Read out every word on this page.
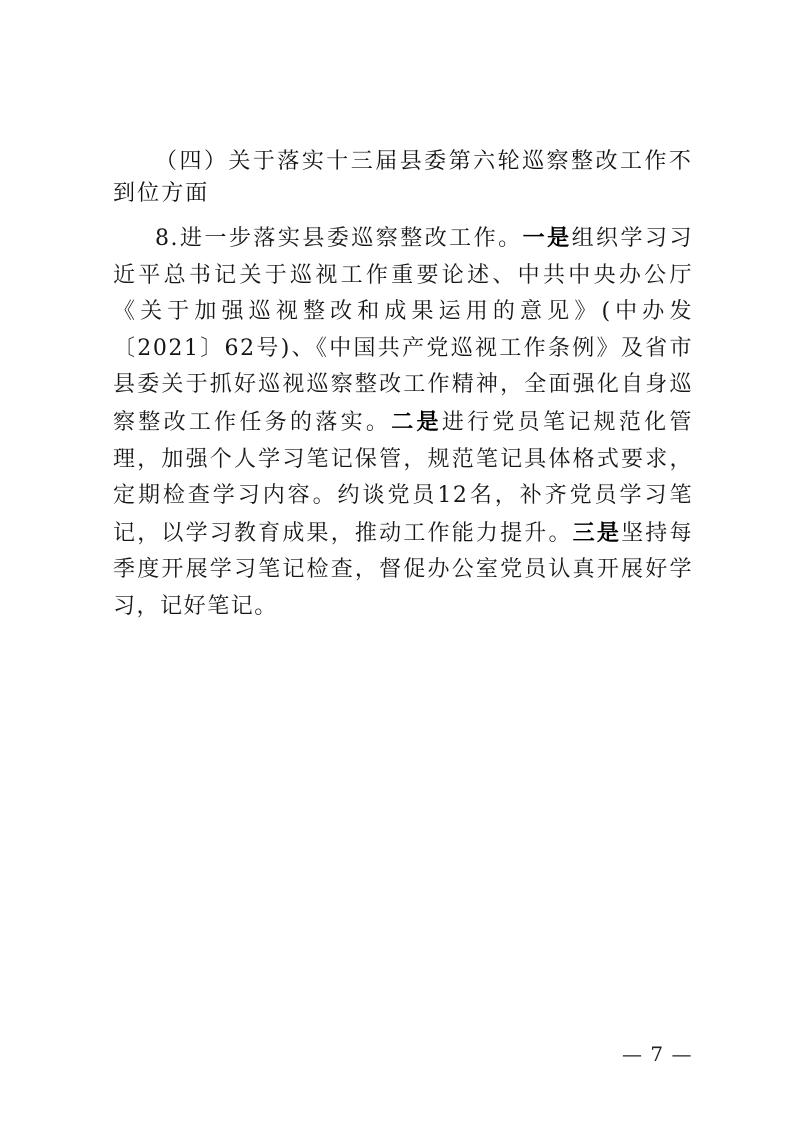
（四）关于落实十三届县委第六轮巡察整改工作不到位方面

8.进一步落实县委巡察整改工作。一是组织学习习近平总书记关于巡视工作重要论述、中共中央办公厅《关于加强巡视整改和成果运用的意见》(中办发〔2021〕62号)、《中国共产党巡视工作条例》及省市县委关于抓好巡视巡察整改工作精神，全面强化自身巡察整改工作任务的落实。二是进行党员笔记规范化管理，加强个人学习笔记保管，规范笔记具体格式要求，定期检查学习内容。约谈党员12名，补齐党员学习笔记，以学习教育成果，推动工作能力提升。三是坚持每季度开展学习笔记检查，督促办公室党员认真开展好学习，记好笔记。

— 7 —
